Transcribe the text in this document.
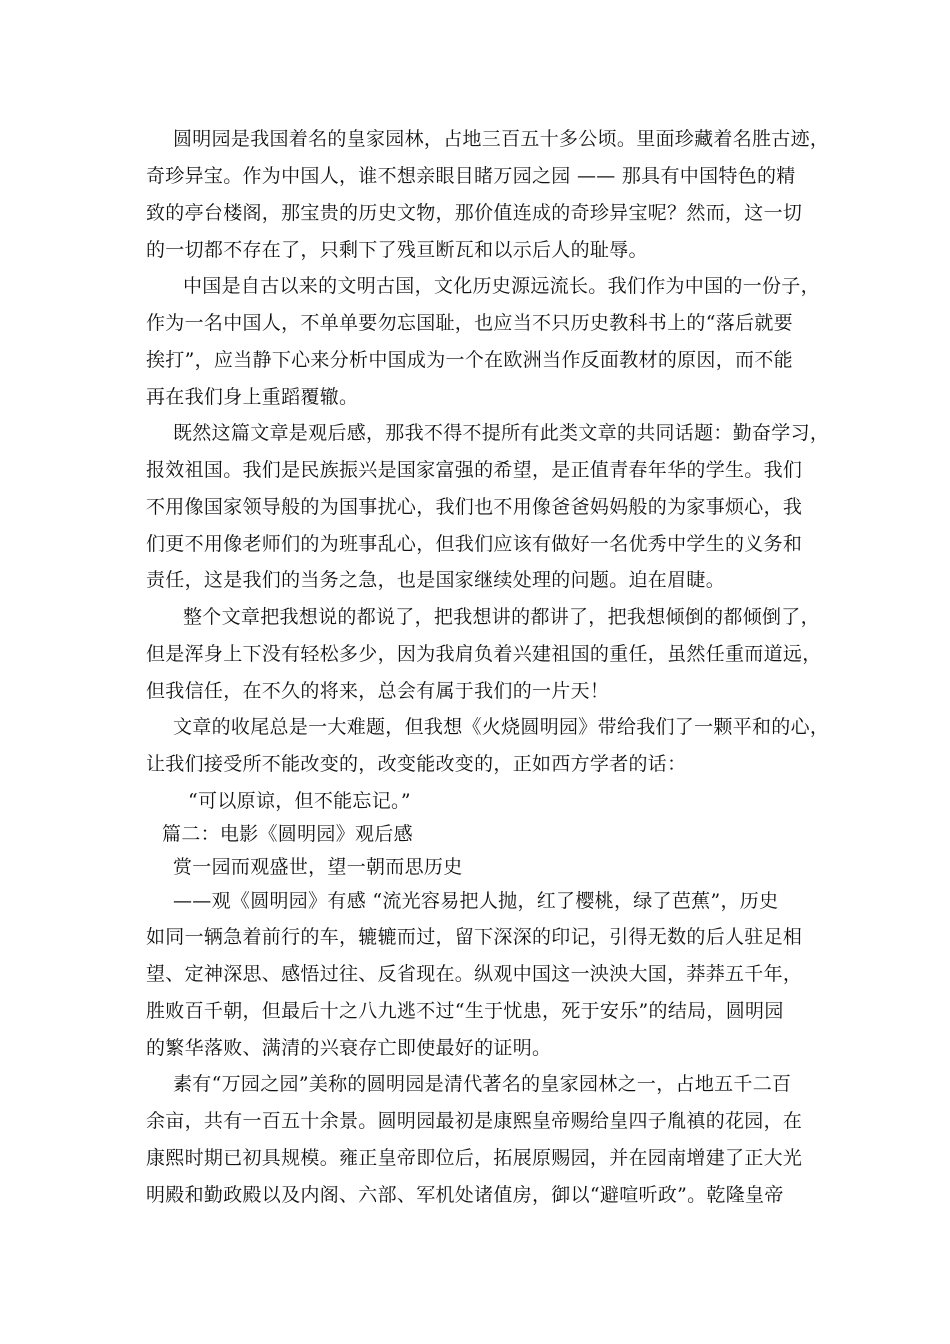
圆明园是我国着名的皇家园林，占地三百五十多公顷。里面珍藏着名胜古迹，
奇珍异宝。作为中国人，谁不想亲眼目睹万园之园 —— 那具有中国特色的精
致的亭台楼阁，那宝贵的历史文物，那价值连成的奇珍异宝呢？然而，这一切
的一切都不存在了，只剩下了残亘断瓦和以示后人的耻辱。
中国是自古以来的文明古国，文化历史源远流长。我们作为中国的一份子，
作为一名中国人，不单单要勿忘国耻，也应当不只历史教科书上的“落后就要
挨打”，应当静下心来分析中国成为一个在欧洲当作反面教材的原因，而不能
再在我们身上重蹈覆辙。
既然这篇文章是观后感，那我不得不提所有此类文章的共同话题：勤奋学习，
报效祖国。我们是民族振兴是国家富强的希望，是正值青春年华的学生。我们
不用像国家领导般的为国事扰心，我们也不用像爸爸妈妈般的为家事烦心，我
们更不用像老师们的为班事乱心，但我们应该有做好一名优秀中学生的义务和
责任，这是我们的当务之急，也是国家继续处理的问题。迫在眉睫。
整个文章把我想说的都说了，把我想讲的都讲了，把我想倾倒的都倾倒了，
但是浑身上下没有轻松多少，因为我肩负着兴建祖国的重任，虽然任重而道远，
但我信任，在不久的将来，总会有属于我们的一片天！
文章的收尾总是一大难题，但我想《火烧圆明园》带给我们了一颗平和的心，
让我们接受所不能改变的，改变能改变的，正如西方学者的话：
“可以原谅，但不能忘记。”
篇二：电影《圆明园》观后感
赏一园而观盛世，望一朝而思历史
——观《圆明园》有感 “流光容易把人抛，红了樱桃，绿了芭蕉”，历史
如同一辆急着前行的车，辘辘而过，留下深深的印记，引得无数的后人驻足相
望、定神深思、感悟过往、反省现在。纵观中国这一泱泱大国，莽莽五千年，
胜败百千朝，但最后十之八九逃不过“生于忧患，死于安乐”的结局，圆明园
的繁华落败、满清的兴衰存亡即使最好的证明。
素有“万园之园”美称的圆明园是清代著名的皇家园林之一，占地五千二百
余亩，共有一百五十余景。圆明园最初是康熙皇帝赐给皇四子胤禛的花园，在
康熙时期已初具规模。雍正皇帝即位后，拓展原赐园，并在园南增建了正大光
明殿和勤政殿以及内阁、六部、军机处诸值房，御以“避喧听政”。乾隆皇帝
